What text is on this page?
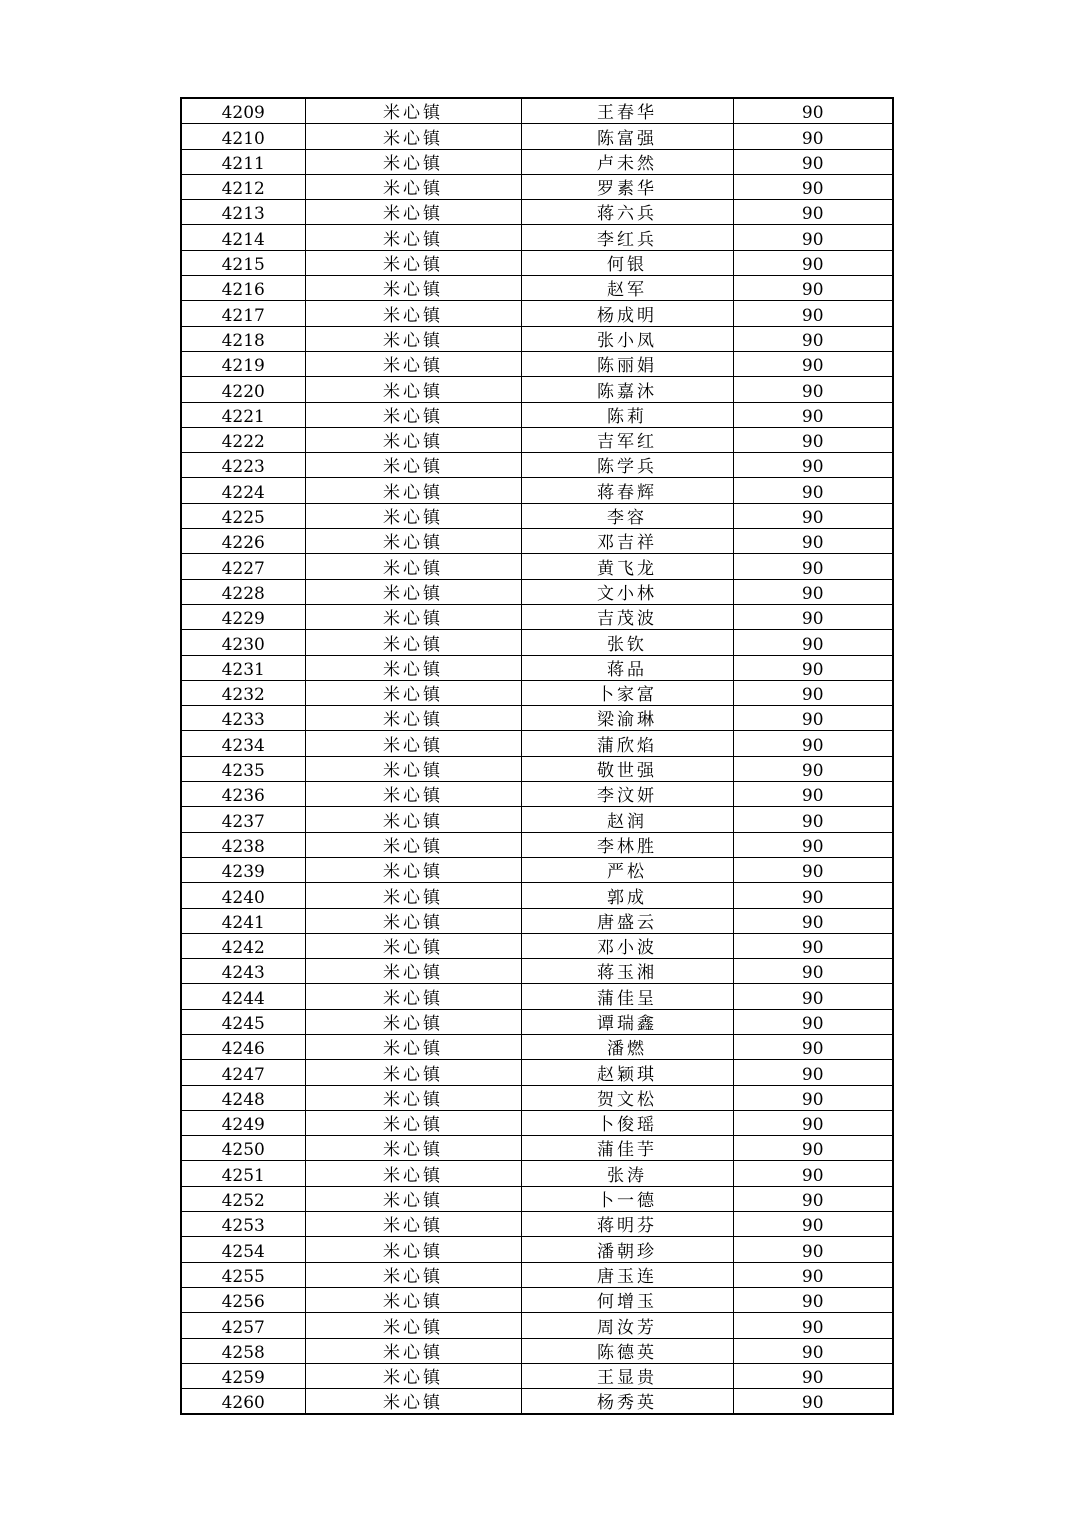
4209	米心镇	王春华	90
4210	米心镇	陈富强	90
4211	米心镇	卢未然	90
4212	米心镇	罗素华	90
4213	米心镇	蒋六兵	90
4214	米心镇	李红兵	90
4215	米心镇	何银	90
4216	米心镇	赵军	90
4217	米心镇	杨成明	90
4218	米心镇	张小凤	90
4219	米心镇	陈丽娟	90
4220	米心镇	陈嘉沐	90
4221	米心镇	陈莉	90
4222	米心镇	吉军红	90
4223	米心镇	陈学兵	90
4224	米心镇	蒋春辉	90
4225	米心镇	李容	90
4226	米心镇	邓吉祥	90
4227	米心镇	黄飞龙	90
4228	米心镇	文小林	90
4229	米心镇	吉茂波	90
4230	米心镇	张钦	90
4231	米心镇	蒋品	90
4232	米心镇	卜家富	90
4233	米心镇	梁渝琳	90
4234	米心镇	蒲欣焰	90
4235	米心镇	敬世强	90
4236	米心镇	李汶妍	90
4237	米心镇	赵润	90
4238	米心镇	李林胜	90
4239	米心镇	严松	90
4240	米心镇	郭成	90
4241	米心镇	唐盛云	90
4242	米心镇	邓小波	90
4243	米心镇	蒋玉湘	90
4244	米心镇	蒲佳呈	90
4245	米心镇	谭瑞鑫	90
4246	米心镇	潘燃	90
4247	米心镇	赵颖琪	90
4248	米心镇	贺文松	90
4249	米心镇	卜俊瑶	90
4250	米心镇	蒲佳芋	90
4251	米心镇	张涛	90
4252	米心镇	卜一德	90
4253	米心镇	蒋明芬	90
4254	米心镇	潘朝珍	90
4255	米心镇	唐玉连	90
4256	米心镇	何增玉	90
4257	米心镇	周汝芳	90
4258	米心镇	陈德英	90
4259	米心镇	王显贵	90
4260	米心镇	杨秀英	90
